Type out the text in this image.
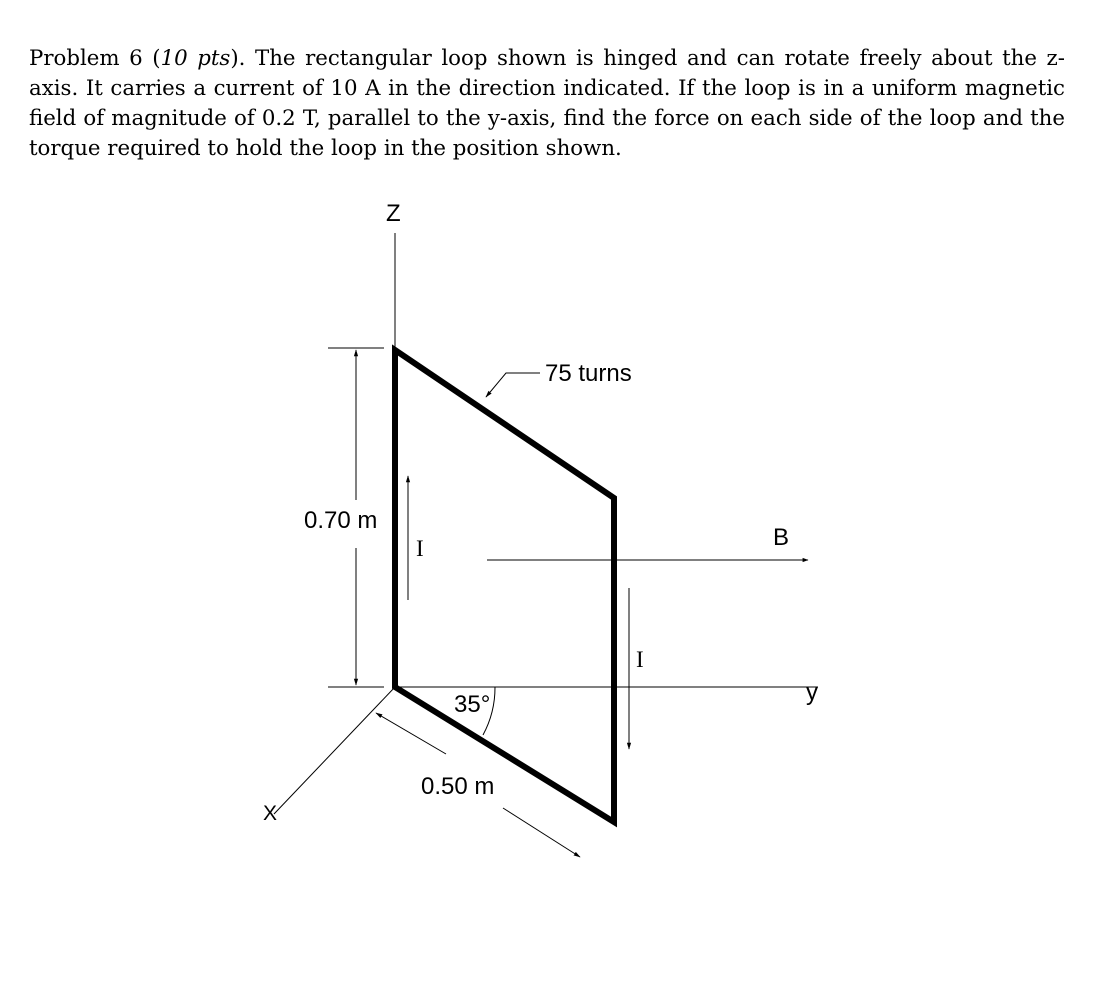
Problem 6 (10 pts). The rectangular loop shown is hinged and can rotate freely about the z-axis. It carries a current of 10 A in the direction indicated. If the loop is in a uniform magnetic field of magnitude of 0.2 T, parallel to the y-axis, find the force on each side of the loop and the torque required to hold the loop in the position shown.
Z
y
X
0.70 m
0.50 m
35°
75 turns
B
I
I
